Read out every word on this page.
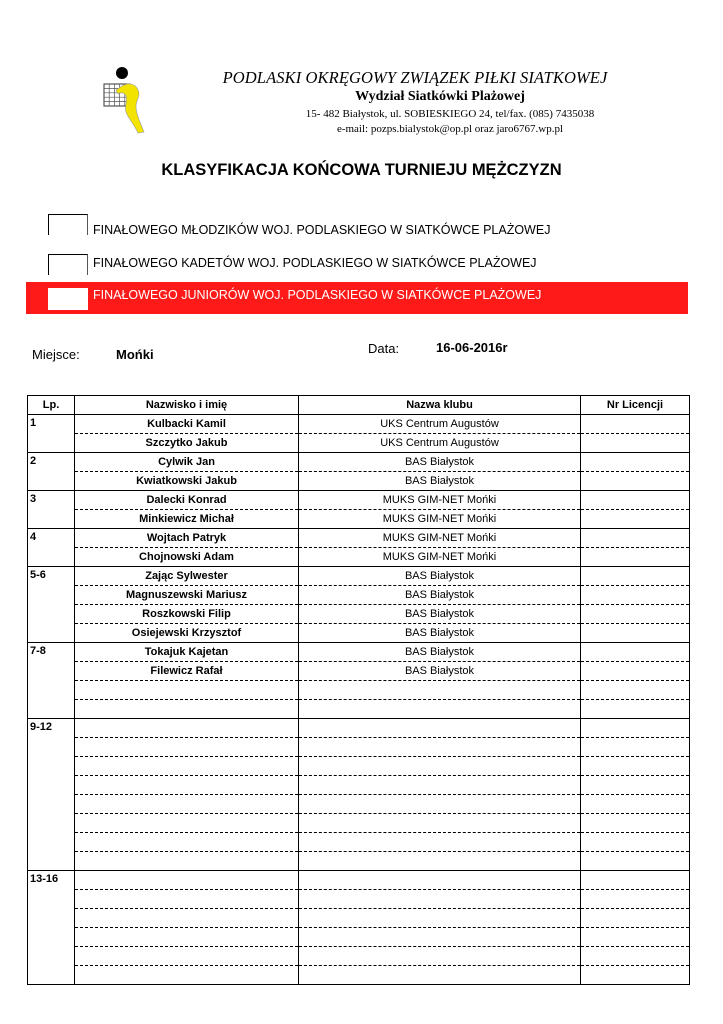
PODLASKI OKRĘGOWY ZWIĄZEK PIŁKI SIATKOWEJ
Wydział Siatkówki Plażowej
15- 482 Białystok, ul. SOBIESKIEGO 24, tel/fax. (085) 7435038
e-mail: pozps.bialystok@op.pl oraz jaro6767.wp.pl
KLASYFIKACJA KOŃCOWA TURNIEJU MĘŻCZYZN
FINAŁOWEGO MŁODZIKÓW WOJ. PODLASKIEGO W SIATKÓWCE PLAŻOWEJ
FINAŁOWEGO KADETÓW WOJ. PODLASKIEGO W SIATKÓWCE PLAŻOWEJ
FINAŁOWEGO JUNIORÓW WOJ. PODLASKIEGO W SIATKÓWCE PLAŻOWEJ
Miejsce:	Mońki	Data:	16-06-2016r
Lp.	Nazwisko i imię	Nazwa klubu	Nr Licencji
1	Kulbacki Kamil	UKS Centrum Augustów	
	Szczytko Jakub	UKS Centrum Augustów	
2	Cylwik Jan	BAS Białystok	
	Kwiatkowski Jakub	BAS Białystok	
3	Dalecki Konrad	MUKS GIM-NET Mońki	
	Minkiewicz Michał	MUKS GIM-NET Mońki	
4	Wojtach Patryk	MUKS GIM-NET Mońki	
	Chojnowski Adam	MUKS GIM-NET Mońki	
5-6	Zając Sylwester	BAS Białystok	
	Magnuszewski Mariusz	BAS Białystok	
	Roszkowski Filip	BAS Białystok	
	Osiejewski Krzysztof	BAS Białystok	
7-8	Tokajuk Kajetan	BAS Białystok	
	Filewicz Rafał	BAS Białystok	

9-12			

13-16			
